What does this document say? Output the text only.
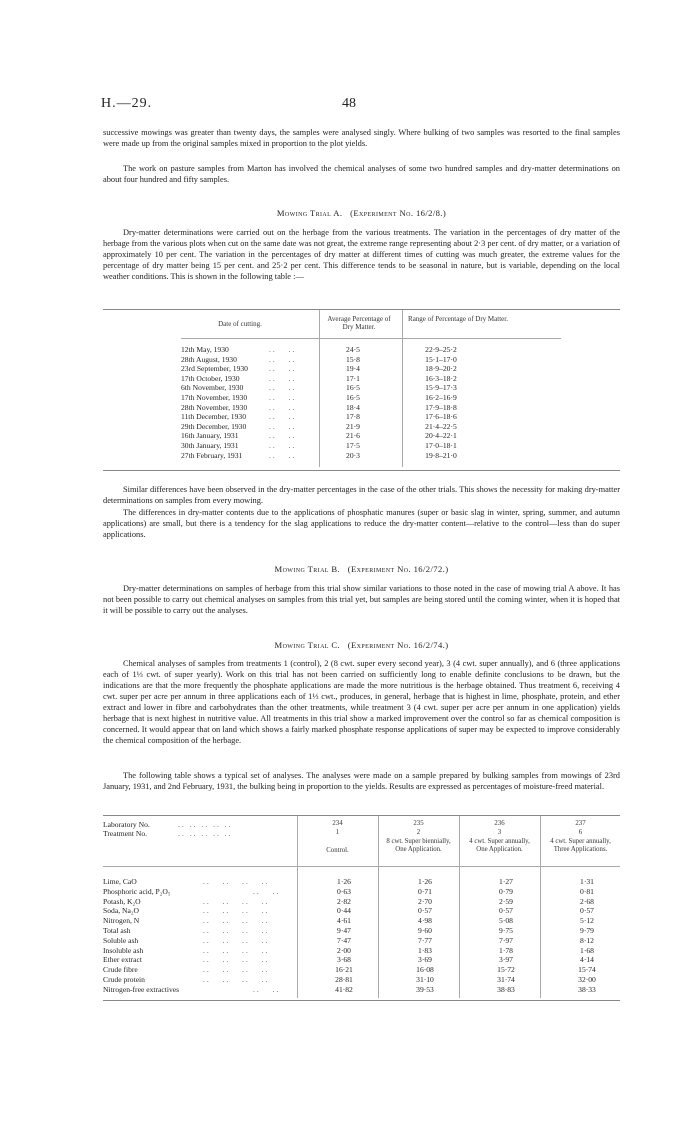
H.—29.	48

successive mowings was greater than twenty days, the samples were analysed singly. Where bulking of two samples was resorted to the final samples were made up from the original samples mixed in proportion to the plot yields.

The work on pasture samples from Marton has involved the chemical analyses of some two hundred samples and dry-matter determinations on about four hundred and fifty samples.

Mowing Trial A. (Experiment No. 16/2/8.)

Dry-matter determinations were carried out on the herbage from the various treatments. The variation in the percentages of dry matter of the herbage from the various plots when cut on the same date was not great, the extreme range representing about 2·3 per cent. of dry matter, or a variation of approximately 10 per cent. The variation in the percentages of dry matter at different times of cutting was much greater, the extreme values for the percentage of dry matter being 15 per cent. and 25·2 per cent. This difference tends to be seasonal in nature, but is variable, depending on the local weather conditions. This is shown in the following table :—

Date of cutting.
Average Percentage of Dry Matter.
Range of Percentage of Dry Matter.
12th May, 1930	..   ..	24·5	22·9–25·2
28th August, 1930	..   ..	15·8	15·1–17·0
23rd September, 1930	..   ..	19·4	18·9–20·2
17th October, 1930	..   ..	17·1	16·3–18·2
6th November, 1930	..   ..	16·5	15·9–17·3
17th November, 1930	..   ..	16·5	16·2–16·9
28th November, 1930	..   ..	18·4	17·9–18·8
11th December, 1930	..   ..	17·8	17·6–18·6
29th December, 1930	..   ..	21·9	21·4–22·5
16th January, 1931	..   ..	21·6	20·4–22·1
30th January, 1931	..   ..	17·5	17·0–18·1
27th February, 1931	..   ..	20·3	19·8–21·0

Similar differences have been observed in the dry-matter percentages in the case of the other trials. This shows the necessity for making dry-matter determinations on samples from every mowing.

The differences in dry-matter contents due to the applications of phosphatic manures (super or basic slag in winter, spring, summer, and autumn applications) are small, but there is a tendency for the slag applications to reduce the dry-matter content—relative to the control—less than do super applications.

Mowing Trial B. (Experiment No. 16/2/72.)

Dry-matter determinations on samples of herbage from this trial show similar variations to those noted in the case of mowing trial A above. It has not been possible to carry out chemical analyses on samples from this trial yet, but samples are being stored until the coming winter, when it is hoped that it will be possible to carry out the analyses.

Mowing Trial C. (Experiment No. 16/2/74.)

Chemical analyses of samples from treatments 1 (control), 2 (8 cwt. super every second year), 3 (4 cwt. super annually), and 6 (three applications each of 1⅓ cwt. of super yearly). Work on this trial has not been carried on sufficiently long to enable definite conclusions to be drawn, but the indications are that the more frequently the phosphate applications are made the more nutritious is the herbage obtained. Thus treatment 6, receiving 4 cwt. super per acre per annum in three applications each of 1⅓ cwt., produces, in general, herbage that is highest in lime, phosphate, protein, and ether extract and lower in fibre and carbohydrates than the other treatments, while treatment 3 (4 cwt. super per acre per annum in one application) yields herbage that is next highest in nutritive value. All treatments in this trial show a marked improvement over the control so far as chemical composition is concerned. It would appear that on land which shows a fairly marked phosphate response applications of super may be expected to improve considerably the chemical composition of the herbage.

The following table shows a typical set of analyses. The analyses were made on a sample prepared by bulking samples from mowings of 23rd January, 1931, and 2nd February, 1931, the bulking being in proportion to the yields. Results are expressed as percentages of moisture-freed material.

Laboratory No.
Treatment No.
.. .. .. .. ..
.. .. .. .. ..
234
1
Control.
235
2
8 cwt. Super biennially, One Application.
236
3
4 cwt. Super annually, One Application.
237
6
4 cwt. Super annually, Three Applications.
Lime, CaO	..   ..   ..   ..	1·26	1·26	1·27	1·31
Phosphoric acid, P₂O₅	..   ..	0·63	0·71	0·79	0·81
Potash, K₂O	..   ..   ..   ..	2·82	2·70	2·59	2·68
Soda, Na₂O	..   ..   ..   ..	0·44	0·57	0·57	0·57
Nitrogen, N	..   ..   ..   ..	4·61	4·98	5·08	5·12
Total ash	..   ..   ..   ..	9·47	9·60	9·75	9·79
Soluble ash	..   ..   ..   ..	7·47	7·77	7·97	8·12
Insoluble ash	..   ..   ..   ..	2·00	1·83	1·78	1·68
Ether extract	..   ..   ..   ..	3·68	3·69	3·97	4·14
Crude fibre	..   ..   ..   ..	16·21	16·08	15·72	15·74
Crude protein	..   ..   ..   ..	28·81	31·10	31·74	32·00
Nitrogen-free extractives	..   ..	41·82	39·53	38·83	38·33
